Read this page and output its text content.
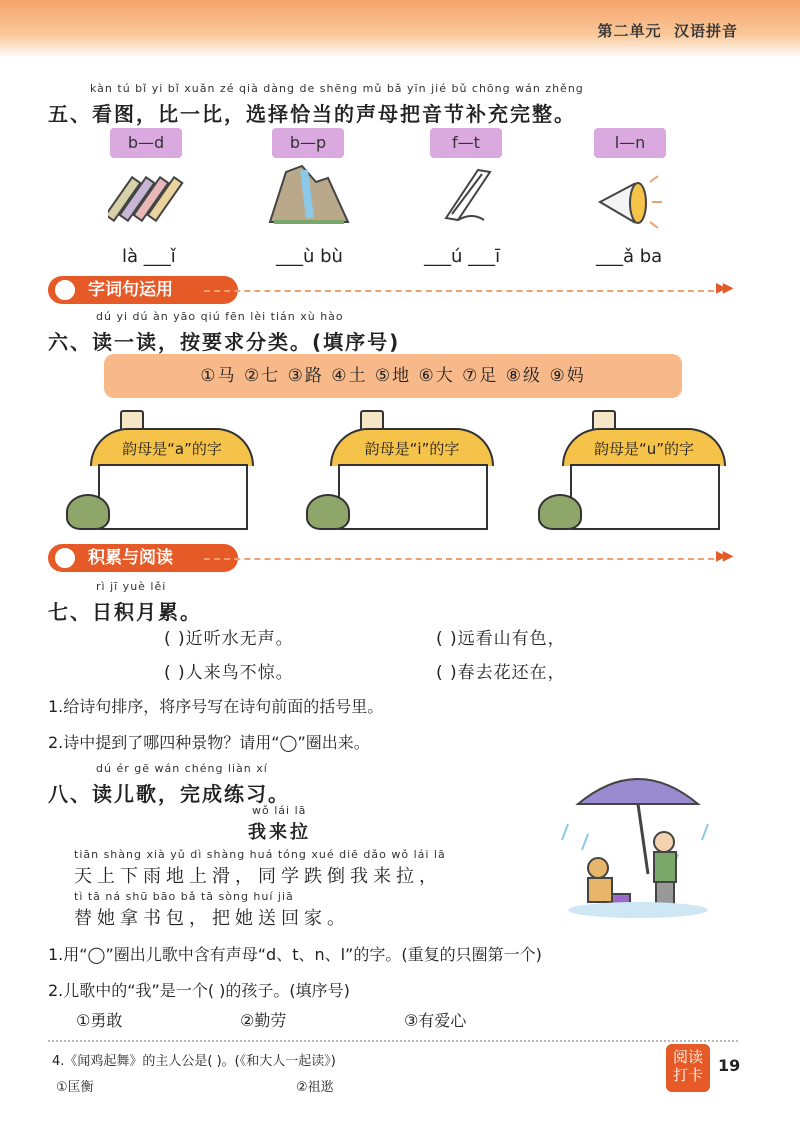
第二单元 汉语拼音
kàn tú bǐ yi bǐ xuǎn zé qià dàng de shēng mǔ bǎ yīn jié bǔ chōng wán zhěng
五、看图，比一比，选择恰当的声母把音节补充完整。
b—d	b—p	f—t	l—n
là ___ǐ	___ù bù	___ú ___ī	___ǎ ba
字词句运用	▶▶
dú yi dú àn yāo qiú fēn lèi tián xù hào
六、读一读，按要求分类。(填序号)
①马 ②七 ③路 ④土 ⑤地 ⑥大 ⑦足 ⑧级 ⑨妈
韵母是“a”的字	韵母是“i”的字	韵母是“u”的字
积累与阅读	▶▶
rì jī yuè lěi
七、日积月累。
( )近听水无声。	( )远看山有色，
( )人来鸟不惊。	( )春去花还在，
1.给诗句排序，将序号写在诗句前面的括号里。
2.诗中提到了哪四种景物？请用“◯”圈出来。
dú ér gē wán chéng liàn xí
八、读儿歌，完成练习。
wǒ lái lā
我来拉
tiān shàng xià yǔ dì shàng huá tóng xué diē dǎo wǒ lái lā
天上下雨地上滑，同学跌倒我来拉，
tì tā ná shū bāo bǎ tā sòng huí jiā
替她拿书包，把她送回家。
1.用“◯”圈出儿歌中含有声母“d、t、n、l”的字。(重复的只圈第一个)
2.儿歌中的“我”是一个( )的孩子。(填序号)
①勇敢	②勤劳	③有爱心
4.《闻鸡起舞》的主人公是( )。(《和大人一起读》)
①匡衡	②祖逖
阅读打卡 19
